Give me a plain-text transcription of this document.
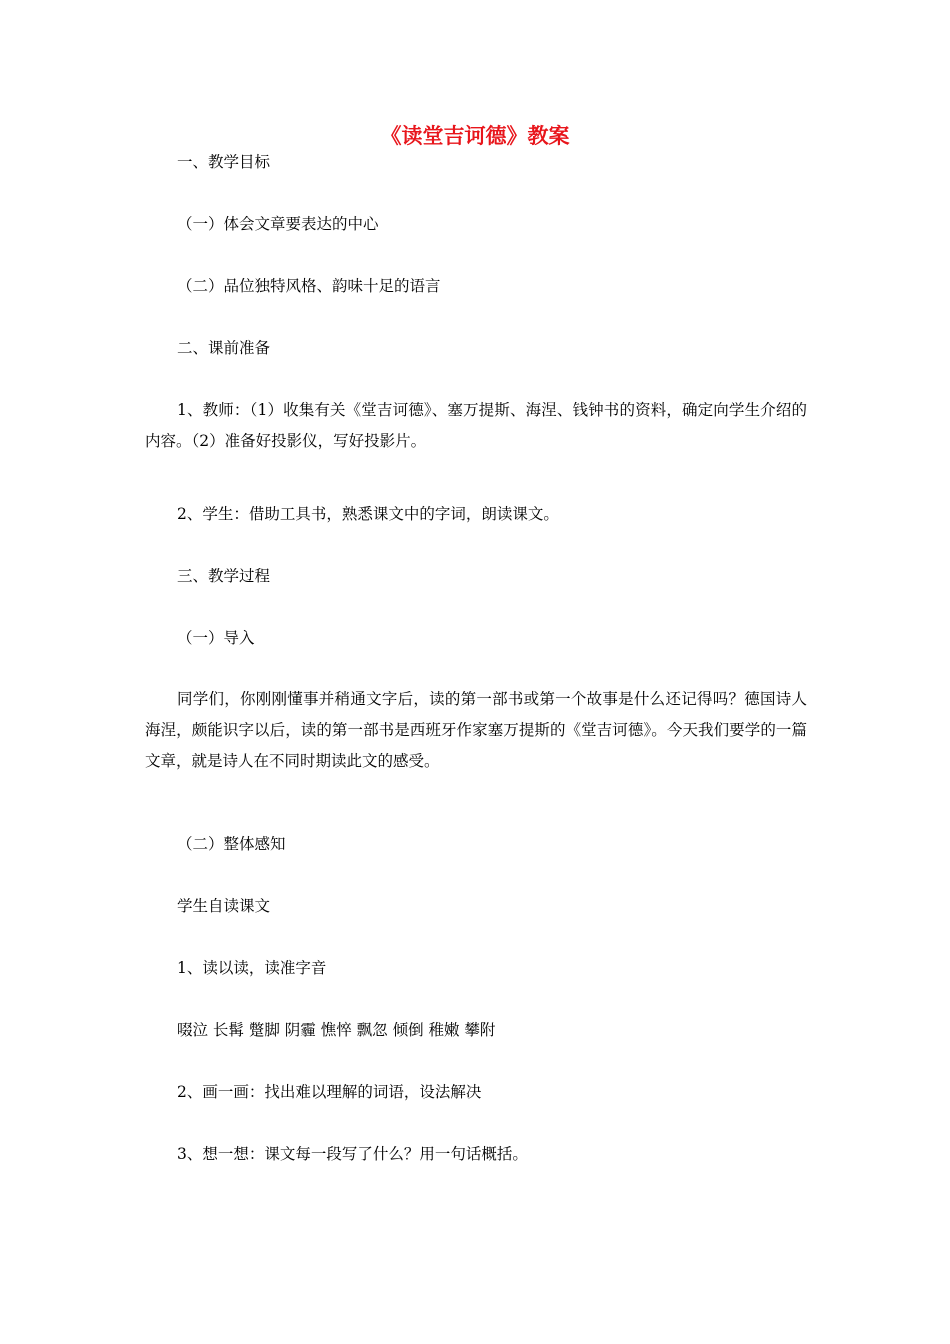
《读堂吉诃德》教案
一、教学目标
（一）体会文章要表达的中心
（二）品位独特风格、韵味十足的语言
二、课前准备
1、教师：（1）收集有关《堂吉诃德》、塞万提斯、海涅、钱钟书的资料，确定向学生介绍的内容。（2）准备好投影仪，写好投影片。
2、学生：借助工具书，熟悉课文中的字词，朗读课文。
三、教学过程
（一）导入
同学们，你刚刚懂事并稍通文字后，读的第一部书或第一个故事是什么还记得吗？德国诗人海涅，颇能识字以后，读的第一部书是西班牙作家塞万提斯的《堂吉诃德》。今天我们要学的一篇文章，就是诗人在不同时期读此文的感受。
（二）整体感知
学生自读课文
1、读以读，读准字音
啜泣 长髯 蹩脚 阴霾 憔悴 飘忽 倾倒 稚嫩 攀附
2、画一画：找出难以理解的词语，设法解决
3、想一想：课文每一段写了什么？用一句话概括。
